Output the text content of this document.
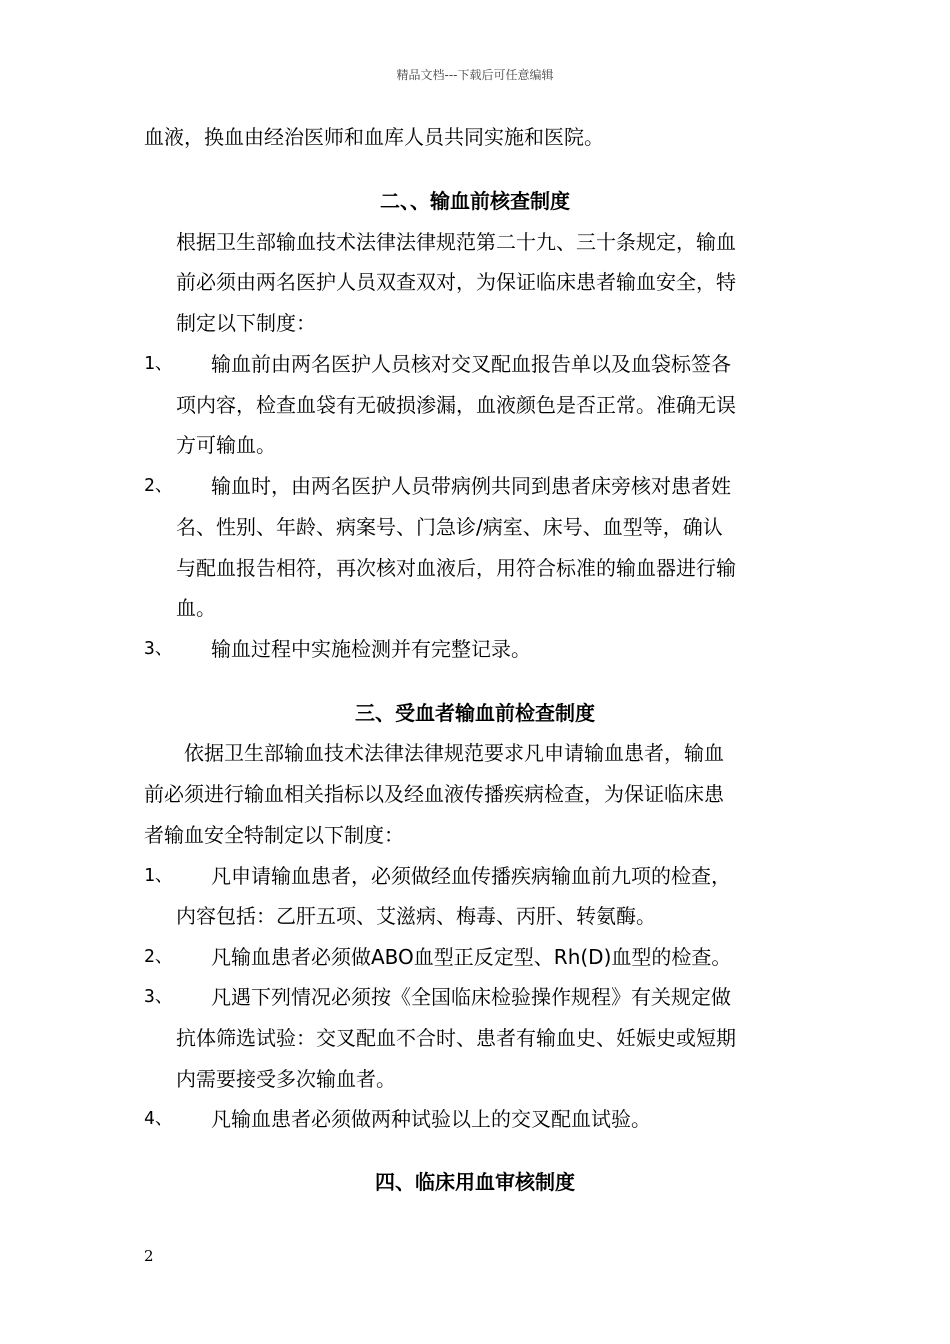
精品文档---下载后可任意编辑
血液，换血由经治医师和血库人员共同实施和医院。
二、、输血前核查制度
根据卫生部输血技术法律法律规范第二十九、三十条规定，输血
前必须由两名医护人员双查双对，为保证临床患者输血安全，特
制定以下制度：
1、 输血前由两名医护人员核对交叉配血报告单以及血袋标签各
项内容，检查血袋有无破损渗漏，血液颜色是否正常。准确无误
方可输血。
2、 输血时，由两名医护人员带病例共同到患者床旁核对患者姓
名、性别、年龄、病案号、门急诊/病室、床号、血型等，确认
与配血报告相符，再次核对血液后，用符合标准的输血器进行输
血。
3、 输血过程中实施检测并有完整记录。
三、受血者输血前检查制度
依据卫生部输血技术法律法律规范要求凡申请输血患者，输血
前必须进行输血相关指标以及经血液传播疾病检查，为保证临床患
者输血安全特制定以下制度：
1、 凡申请输血患者，必须做经血传播疾病输血前九项的检查，
内容包括：乙肝五项、艾滋病、梅毒、丙肝、转氨酶。
2、 凡输血患者必须做ABO血型正反定型、Rh(D)血型的检查。
3、 凡遇下列情况必须按《全国临床检验操作规程》有关规定做
抗体筛选试验：交叉配血不合时、患者有输血史、妊娠史或短期
内需要接受多次输血者。
4、 凡输血患者必须做两种试验以上的交叉配血试验。
四、临床用血审核制度
2
